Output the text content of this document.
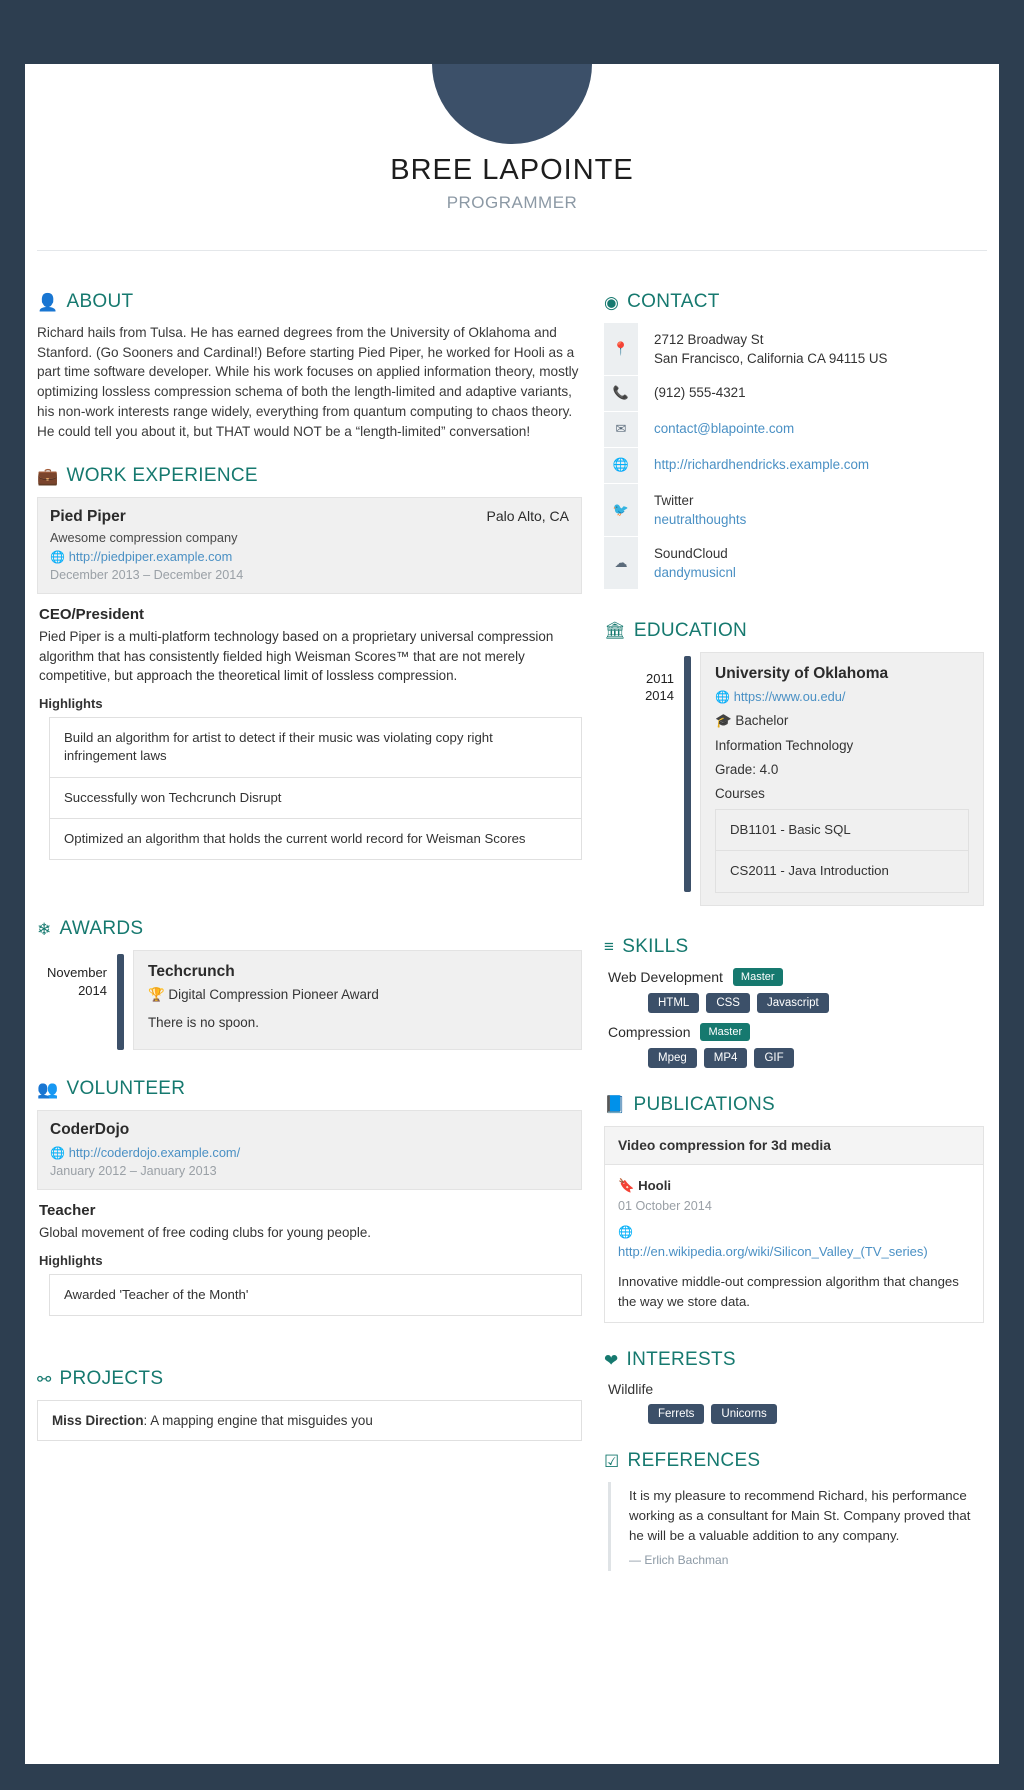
BREE LAPOINTE
PROGRAMMER
👤 ABOUT

Richard hails from Tulsa. He has earned degrees from the University of Oklahoma and Stanford. (Go Sooners and Cardinal!) Before starting Pied Piper, he worked for Hooli as a part time software developer. While his work focuses on applied information theory, mostly optimizing lossless compression schema of both the length-limited and adaptive variants, his non-work interests range widely, everything from quantum computing to chaos theory. He could tell you about it, but THAT would NOT be a “length-limited” conversation!

💼 WORK EXPERIENCE
Pied Piper	Palo Alto, CA
Awesome compression company
🌐 http://piedpiper.example.com
December 2013 – December 2014
CEO/President

Pied Piper is a multi-platform technology based on a proprietary universal compression algorithm that has consistently fielded high Weisman Scores™ that are not merely competitive, but approach the theoretical limit of lossless compression.

Highlights
Build an algorithm for artist to detect if their music was violating copy right infringement laws
Successfully won Techcrunch Disrupt
Optimized an algorithm that holds the current world record for Weisman Scores
❄ AWARDS
November
2014
Techcrunch
🏆 Digital Compression Pioneer Award
There is no spoon.
👥 VOLUNTEER
CoderDojo
🌐 http://coderdojo.example.com/
January 2012 – January 2013
Teacher

Global movement of free coding clubs for young people.

Highlights
Awarded 'Teacher of the Month'
⚯ PROJECTS
Miss Direction: A mapping engine that misguides you
◉ CONTACT
📍
2712 Broadway St
San Francisco, California CA 94115 US
📞	(912) 555-4321
✉	contact@blapointe.com
🌐	http://richardhendricks.example.com
🐦
Twitter
neutralthoughts
☁
SoundCloud
dandymusicnl
🏛 EDUCATION
2011
2014
University of Oklahoma
🌐 https://www.ou.edu/
🎓 Bachelor
Information Technology
Grade: 4.0
Courses
DB1101 - Basic SQL
CS2011 - Java Introduction
≡ SKILLS
Web Development	Master
HTML	CSS	Javascript
Compression	Master
Mpeg	MP4	GIF
📘 PUBLICATIONS
Video compression for 3d media
🔖 Hooli
01 October 2014
🌐
http://en.wikipedia.org/wiki/Silicon_Valley_(TV_series)
Innovative middle-out compression algorithm that changes the way we store data.
❤ INTERESTS
Wildlife
Ferrets	Unicorns
☑ REFERENCES

It is my pleasure to recommend Richard, his performance working as a consultant for Main St. Company proved that he will be a valuable addition to any company.

— Erlich Bachman
